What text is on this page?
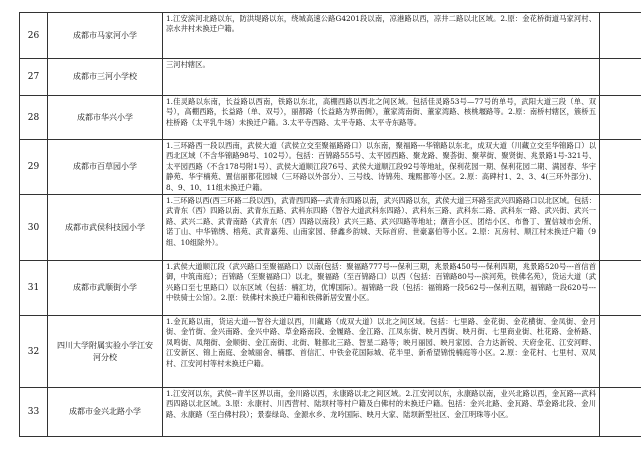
26	成都市马家河小学	1.江安滨河北路以东，防洪堤路以东，绕城高速公路G4201段以南，凉港路以西，凉井二路以北区域。2.原：金花桥街道马家河村、凉水井村未换迁户籍。	
27	成都市三河小学校	三河村辖区。	
28	成都市华兴小学	1.佳灵路以东南，长益路以西南，铁路以东北，高棚西路以西北之间区域。包括佳灵路53号—77号的单号，武阳大道三段（单、双号），高棚西路，长益路（单、双号），丽都路（长益路为界南侧），董家湾南街、董家湾路、核桃堰路等。2.原：南桥村辖区，簇桥五柱桥路（太平乳牛场）未换迁户籍。3.太平寺西路、太平寺路、太平寺东路等。	
29	成都市百草园小学	1.三环路西一段以西南，武侯大道（武侯立交至聚福路路口）以东南，聚福路---华锦路以东北，成双大道（川藏立交至华锦路口）以西北区域（不含华锦路98号、102号）。包括：百锦路555号、太平园西路、聚龙路、聚荟街、聚萃街、聚贤街、兆景路1号-321号、太平园西路（不含178号附1号）、武侯大道顺江段76号、武侯大道顺江段92号等地址，保利花园一期、保利花园二期、满园春、华宇静苑、华宇楠苑、置信丽都花园城（三环路以外部分）、三号线、诗锦苑、瑰熙都等小区。2.原：高碑村1、2、3、4(三环外部分)、8、9、10、11组未换迁户籍。	
30	成都市武侯科技园小学	1.三环路以西(西三环路二段以西)，武青西四路---武青东四路以南，武兴四路以东，武侯大道三环路至武兴四路路口以北区域。包括：武青东（西）四路以南、武青东五路、武科东四路（智谷大道武科东四路）、武科东三路、武科东二路、武科东一路、武兴街、武兴一路、武兴二路、武青南路（武青东（西）四路以南段）武兴三路、武兴四路等地址；潮音小区、团结小区、布鲁丁、置信城市会所、诺丁山、中华锦绣、榕苑、武青嘉苑、山南家园、驿鑫乡韵城、天际首府、世豪嘉伯等小区。2.原：瓦房村、顺江村未换迁户籍（9组、10组除外）。	
31	成都市武顺街小学	1.武侯大道顺江段（武兴路口至聚福路口）以南(包括：聚福路777号---保利三期，兆景路450号---保利四期，兆景路520号---首信首御，中筑南庭）；百锦路（至聚福路口）以北，聚福路（至百锦路口）以西（包括：百锦路80号---滨河苑，铁佛名苑），货运大道（武兴路口至七里路口）以东区域（包括：楠汇坊，优博国际）。福锦路一段（包括：福锦路一段562号---保利五期，福锦路一段620号---中铁骑士公馆）。2.原：铁佛村未换迁户籍和铁佛新居安置小区。	
32	四川大学附属实验小学江安河分校	1.金瓦路以南，货运大道---智谷大道以西，川藏路（成双大道）以北之间区域。包括：七里路、金花街、金花横街、金凤街、金月街、金竹街、金兴南路、金兴中路、草金路南段、金履路、金江路、江凤东街、映月西街、映月街、七里商业街、杜花路、金桥路、凤鸣街、凤翔街、金顺街、金江南街、北街、鞋都北三路、智星二路等；映月丽园、映月家园、合力达新锐、天府金花、江安河畔、江安新区、锦上南庭、金城丽舍、楠郡、首信汇、中铁金花国际城、花半里、新希望锦悦楠庭等小区。2.原：金花村、七里村、双凤村、江安河村等村未换迁户籍。	
33	成都市金兴北路小学	1.江安河以东，武侯--青羊区界以南，金川路以西，永康路以北之间区域。2.江安河以东，永康路以南，业兴北路以西，金瓦路---武科西四路以北区域。3.原：永康村、川西营村、陆坝村等村户籍及白佛村的未换迁户籍。包括：金兴北路、金瓦路、草金路北段、金川路、永康路（至白佛村段）；景泰绿岛、金源水乡、龙吟国际、映月大家、陆坝新型社区、金江明珠等小区。	
